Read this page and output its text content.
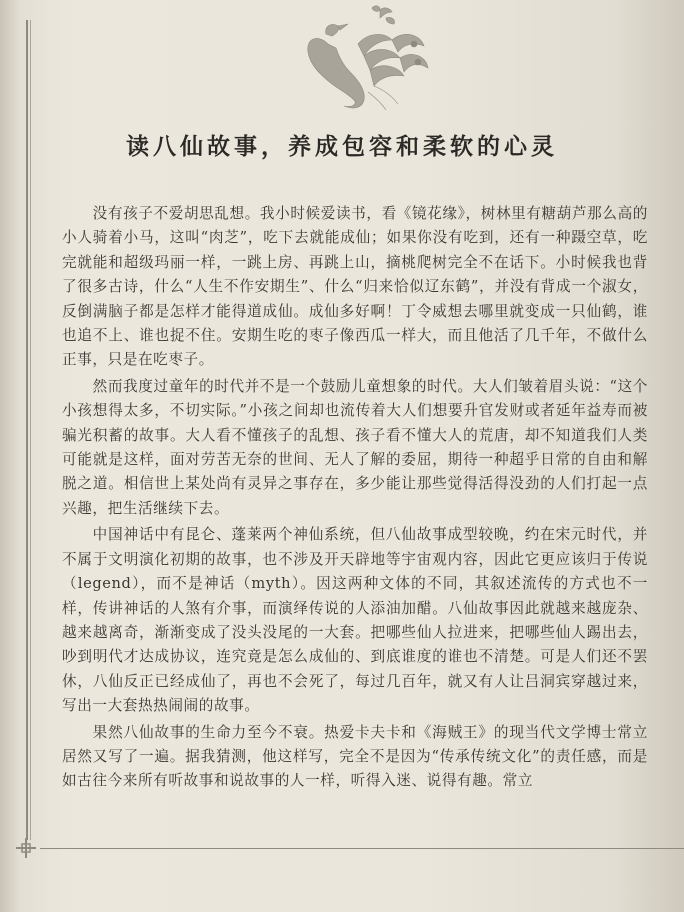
读八仙故事，养成包容和柔软的心灵

没有孩子不爱胡思乱想。我小时候爱读书，看《镜花缘》，树林里有糖葫芦那么高的小人骑着小马，这叫“肉芝”，吃下去就能成仙；如果你没有吃到，还有一种蹑空草，吃完就能和超级玛丽一样，一跳上房、再跳上山，摘桃爬树完全不在话下。小时候我也背了很多古诗，什么“人生不作安期生”、什么“归来恰似辽东鹤”，并没有背成一个淑女，反倒满脑子都是怎样才能得道成仙。成仙多好啊！丁令威想去哪里就变成一只仙鹤，谁也追不上、谁也捉不住。安期生吃的枣子像西瓜一样大，而且他活了几千年，不做什么正事，只是在吃枣子。

然而我度过童年的时代并不是一个鼓励儿童想象的时代。大人们皱着眉头说：“这个小孩想得太多，不切实际。”小孩之间却也流传着大人们想要升官发财或者延年益寿而被骗光积蓄的故事。大人看不懂孩子的乱想、孩子看不懂大人的荒唐，却不知道我们人类可能就是这样，面对劳苦无奈的世间、无人了解的委屈，期待一种超乎日常的自由和解脱之道。相信世上某处尚有灵异之事存在，多少能让那些觉得活得没劲的人们打起一点兴趣，把生活继续下去。

中国神话中有昆仑、蓬莱两个神仙系统，但八仙故事成型较晚，约在宋元时代，并不属于文明演化初期的故事，也不涉及开天辟地等宇宙观内容，因此它更应该归于传说（legend），而不是神话（myth）。因这两种文体的不同，其叙述流传的方式也不一样，传讲神话的人煞有介事，而演绎传说的人添油加醋。八仙故事因此就越来越庞杂、越来越离奇，渐渐变成了没头没尾的一大套。把哪些仙人拉进来，把哪些仙人踢出去，吵到明代才达成协议，连究竟是怎么成仙的、到底谁度的谁也不清楚。可是人们还不罢休，八仙反正已经成仙了，再也不会死了，每过几百年，就又有人让吕洞宾穿越过来，写出一大套热热闹闹的故事。

果然八仙故事的生命力至今不衰。热爱卡夫卡和《海贼王》的现当代文学博士常立居然又写了一遍。据我猜测，他这样写，完全不是因为“传承传统文化”的责任感，而是如古往今来所有听故事和说故事的人一样，听得入迷、说得有趣。常立
